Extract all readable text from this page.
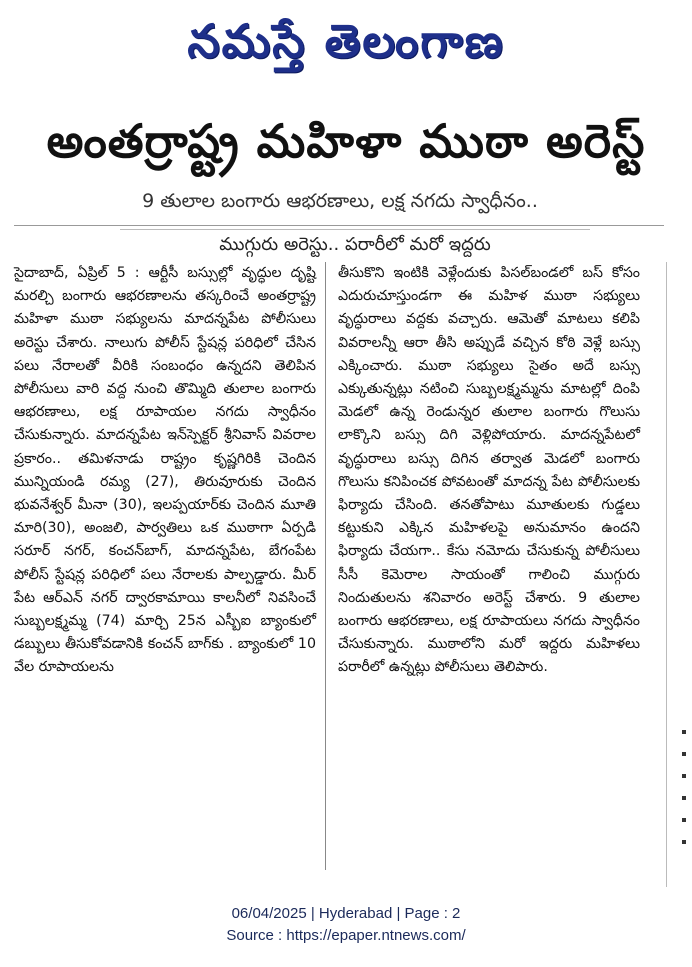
నమస్తే తెలంగాణ
అంతర్రాష్ట్ర మహిళా ముఠా అరెస్ట్
9 తులాల బంగారు ఆభరణాలు, లక్ష నగదు స్వాధీనం..
ముగ్గురు అరెస్టు.. పరారీలో మరో ఇద్దరు

సైదాబాద్, ఏప్రిల్ 5 : ఆర్టీసీ బస్సుల్లో వృద్ధుల దృష్టి మరల్చి బంగారు ఆభరణాలను తస్కరించే అంతర్రాష్ట్ర మహిళా ముఠా సభ్యులను మాదన్నపేట పోలీసులు అరెస్టు చేశారు. నాలుగు పోలీస్ స్టేషన్ల పరిధిలో చేసిన పలు నేరాలతో వీరికి సంబంధం ఉన్నదని తెలిపిన పోలీసులు వారి వద్ద నుంచి తొమ్మిది తులాల బంగారు ఆభరణాలు, లక్ష రూపాయల నగదు స్వాధీనం చేసుకున్నారు. మాదన్నపేట ఇన్‌స్పెక్టర్ శ్రీనివాస్ వివరాల ప్రకారం.. తమిళనాడు రాష్ట్రం కృష్ణగిరికి చెందిన మున్నియండి రమ్య (27), తిరువూరుకు చెందిన భువనేశ్వర్ మీనా (30), ఇలప్పయార్‌కు చెందిన మూతి మారి(30), అంజలి, పార్వతిలు ఒక ముఠాగా ఏర్పడి సరూర్ నగర్, కంచన్‌బాగ్, మాదన్నపేట, బేగంపేట పోలీస్ స్టేషన్ల పరిధిలో పలు నేరాలకు పాల్పడ్డారు. మీర్ పేట ఆర్‌ఎన్ నగర్ ద్వారకామాయి కాలనీలో నివసించే సుబ్బలక్ష్మమ్మ (74) మార్చి 25న ఎస్బీఐ బ్యాంకులో డబ్బులు తీసుకోవడానికి కంచన్ బాగ్‌కు . బ్యాంకులో 10 వేల రూపాయలను

తీసుకొని ఇంటికి వెళ్లేందుకు పిసల్‌బండలో బస్ కోసం ఎదురుచూస్తుండగా ఈ మహిళ ముఠా సభ్యులు వృద్ధురాలు వద్దకు వచ్చారు. ఆమెతో మాటలు కలిపి వివరాలన్నీ ఆరా తీసి అప్పుడే వచ్చిన కోఠి వెళ్లే బస్సు ఎక్కించారు. ముఠా సభ్యులు సైతం అదే బస్సు ఎక్కుతున్నట్లు నటించి సుబ్బలక్ష్మమ్మను మాటల్లో దింపి మెడలో ఉన్న రెండున్నర తులాల బంగారు గొలుసు లాక్కొని బస్సు దిగి వెళ్లిపోయారు. మాదన్నపేటలో వృద్ధురాలు బస్సు దిగిన తర్వాత మెడలో బంగారు గొలుసు కనిపించక పోవటంతో మాదన్న పేట పోలీసులకు ఫిర్యాదు చేసింది. తనతోపాటు మూతులకు గుడ్డలు కట్టుకుని ఎక్కిన మహిళలపై అనుమానం ఉందని ఫిర్యాదు చేయగా.. కేసు నమోదు చేసుకున్న పోలీసులు సీసీ కెమెరాల సాయంతో గాలించి ముగ్గురు నిందుతులను శనివారం అరెస్ట్ చేశారు. 9 తులాల బంగారు ఆభరణాలు, లక్ష రూపాయలు నగదు స్వాధీనం చేసుకున్నారు. ముఠాలోని మరో ఇద్దరు మహిళలు పరారీలో ఉన్నట్లు పోలీసులు తెలిపారు.

06/04/2025 | Hyderabad | Page : 2
Source : https://epaper.ntnews.com/
